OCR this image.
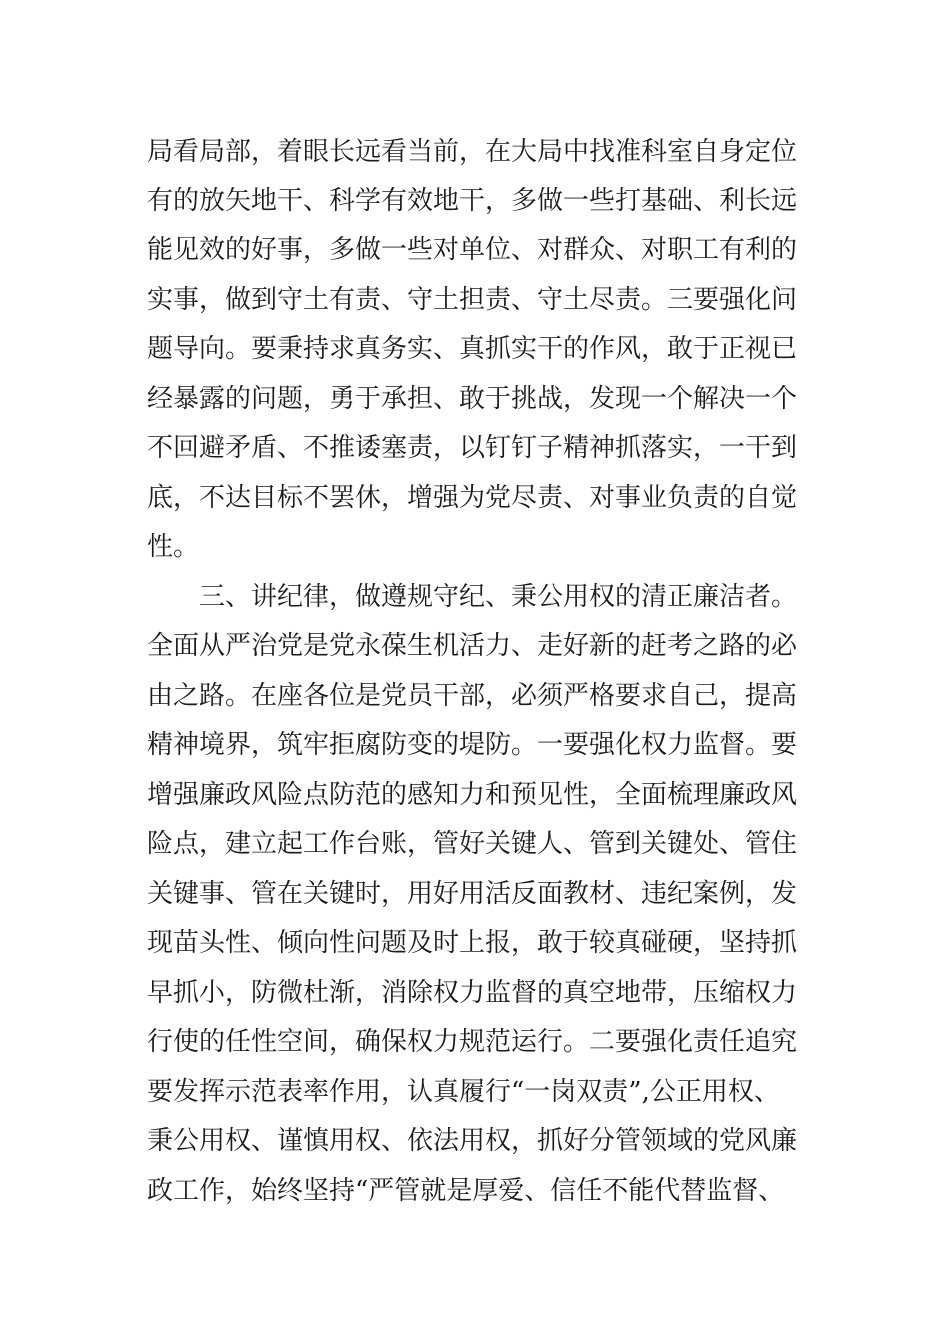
局看局部，着眼长远看当前，在大局中找准科室自身定位
有的放矢地干、科学有效地干，多做一些打基础、利长远
能见效的好事，多做一些对单位、对群众、对职工有利的
实事，做到守土有责、守土担责、守土尽责。三要强化问
题导向。要秉持求真务实、真抓实干的作风，敢于正视已
经暴露的问题，勇于承担、敢于挑战，发现一个解决一个
不回避矛盾、不推诿塞责，以钉钉子精神抓落实，一干到
底，不达目标不罢休，增强为党尽责、对事业负责的自觉
性。
三、讲纪律，做遵规守纪、秉公用权的清正廉洁者。
全面从严治党是党永葆生机活力、走好新的赶考之路的必
由之路。在座各位是党员干部，必须严格要求自己，提高
精神境界，筑牢拒腐防变的堤防。一要强化权力监督。要
增强廉政风险点防范的感知力和预见性，全面梳理廉政风
险点，建立起工作台账，管好关键人、管到关键处、管住
关键事、管在关键时，用好用活反面教材、违纪案例，发
现苗头性、倾向性问题及时上报，敢于较真碰硬，坚持抓
早抓小，防微杜渐，消除权力监督的真空地带，压缩权力
行使的任性空间，确保权力规范运行。二要强化责任追究
要发挥示范表率作用，认真履行“一岗双责”,公正用权、
秉公用权、谨慎用权、依法用权，抓好分管领域的党风廉
政工作，始终坚持“严管就是厚爱、信任不能代替监督、
